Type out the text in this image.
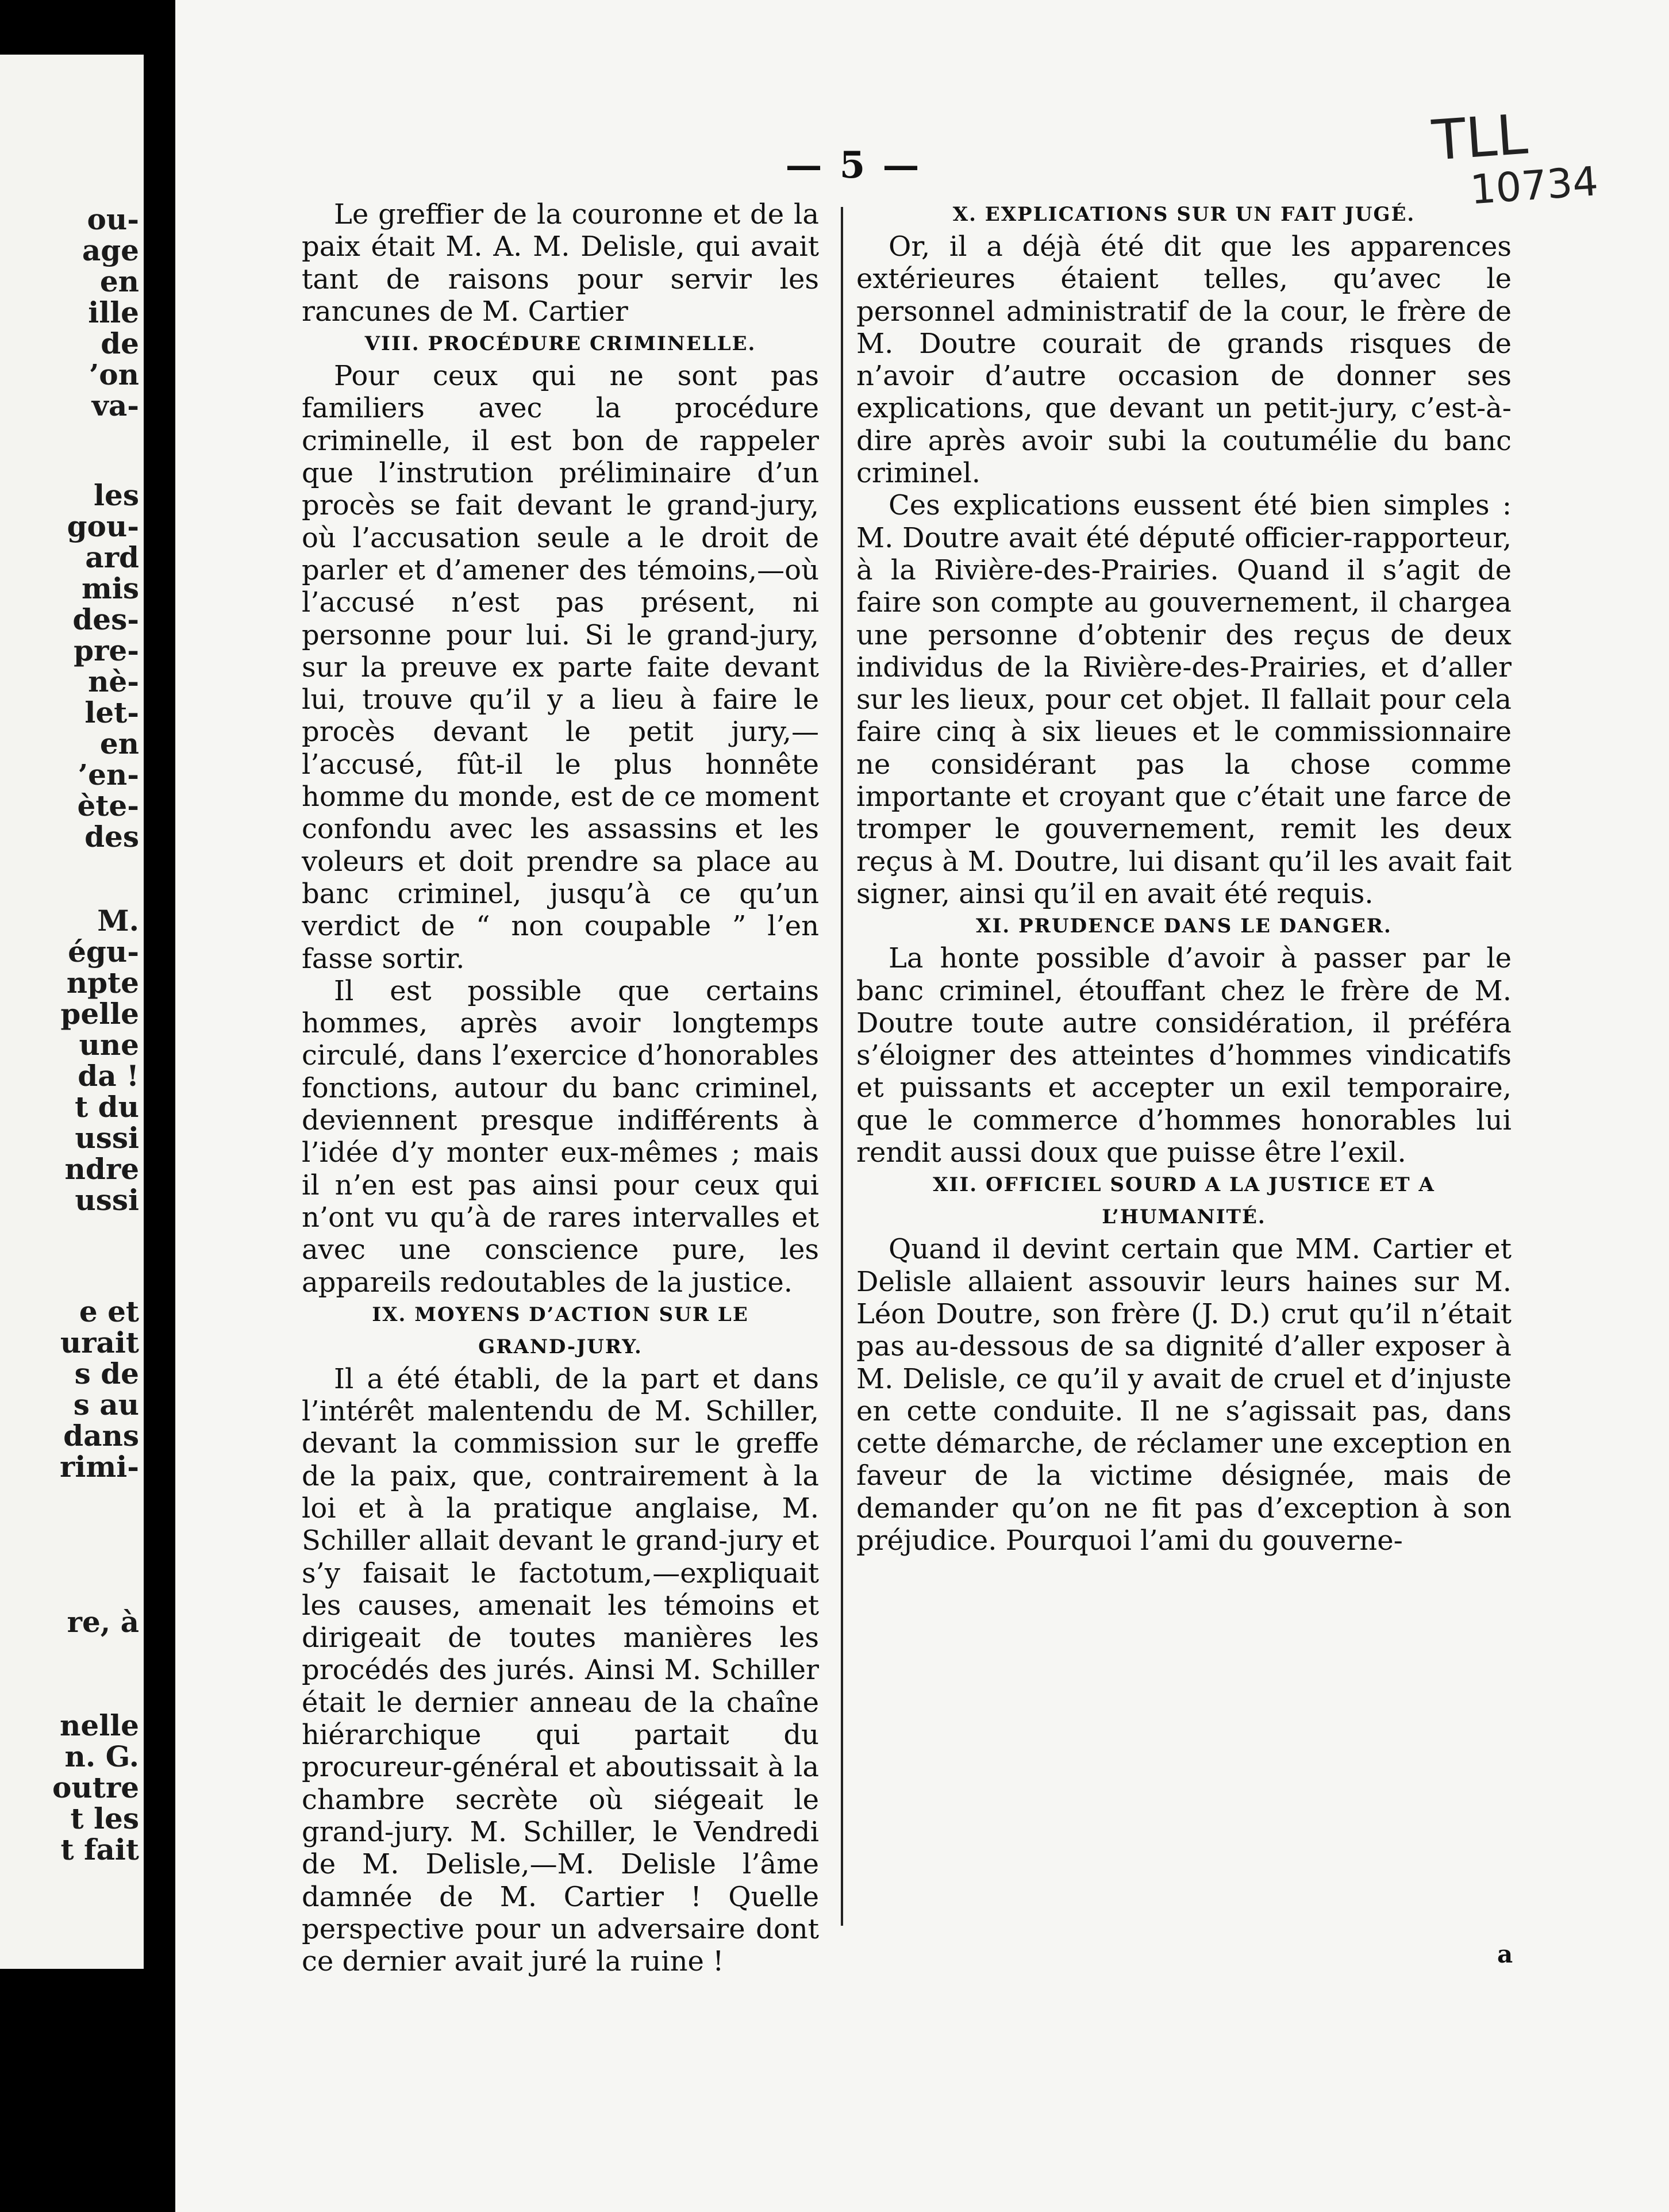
ou-
age
en
ille
de
’on
va-
les
gou-
ard
mis
des-
pre-
nè-
let-
en
’en-
ète-
des
M.
égu-
npte
pelle
une
da !
t du
ussi
ndre
ussi
e et
urait
s de
s au
dans
rimi-
re, à
nelle
n. G.
outre
t les
t fait
— 5 —	TLL
10734

Le greffier de la couronne et de la paix était M. A. M. Delisle, qui avait tant de raisons pour servir les rancunes de M. Cartier

VIII. PROCÉDURE CRIMINELLE.

Pour ceux qui ne sont pas familiers avec la procédure criminelle, il est bon de rappeler que l’instrution préliminaire d’un procès se fait devant le grand-jury, où l’accusation seule a le droit de parler et d’amener des témoins,—où l’accusé n’est pas présent, ni personne pour lui. Si le grand-jury, sur la preuve ex parte faite devant lui, trouve qu’il y a lieu à faire le procès devant le petit jury,—l’accusé, fût-il le plus honnête homme du monde, est de ce moment confondu avec les assassins et les voleurs et doit prendre sa place au banc criminel, jusqu’à ce qu’un verdict de “ non coupable ” l’en fasse sortir.

Il est possible que certains hommes, après avoir longtemps circulé, dans l’exercice d’honorables fonctions, autour du banc criminel, deviennent presque indifférents à l’idée d’y monter eux-mêmes ; mais il n’en est pas ainsi pour ceux qui n’ont vu qu’à de rares intervalles et avec une conscience pure, les appareils redoutables de la justice.

IX. MOYENS D’ACTION SUR LE GRAND-JURY.

Il a été établi, de la part et dans l’intérêt malentendu de M. Schiller, devant la commission sur le greffe de la paix, que, contrairement à la loi et à la pratique anglaise, M. Schiller allait devant le grand-jury et s’y faisait le factotum,—expliquait les causes, amenait les témoins et dirigeait de toutes manières les procédés des jurés. Ainsi M. Schiller était le dernier anneau de la chaîne hiérarchique qui partait du procureur-général et aboutissait à la chambre secrète où siégeait le grand-jury. M. Schiller, le Vendredi de M. Delisle,—M. Delisle l’âme damnée de M. Cartier ! Quelle perspective pour un adversaire dont ce dernier avait juré la ruine !

X. EXPLICATIONS SUR UN FAIT JUGÉ.

Or, il a déjà été dit que les apparences extérieures étaient telles, qu’avec le personnel administratif de la cour, le frère de M. Doutre courait de grands risques de n’avoir d’autre occasion de donner ses explications, que devant un petit-jury, c’est-à-dire après avoir subi la coutumélie du banc criminel.

Ces explications eussent été bien simples : M. Doutre avait été député officier-rapporteur, à la Rivière-des-Prairies. Quand il s’agit de faire son compte au gouvernement, il chargea une personne d’obtenir des reçus de deux individus de la Rivière-des-Prairies, et d’aller sur les lieux, pour cet objet. Il fallait pour cela faire cinq à six lieues et le commissionnaire ne considérant pas la chose comme importante et croyant que c’était une farce de tromper le gouvernement, remit les deux reçus à M. Doutre, lui disant qu’il les avait fait signer, ainsi qu’il en avait été requis.

XI. PRUDENCE DANS LE DANGER.

La honte possible d’avoir à passer par le banc criminel, étouffant chez le frère de M. Doutre toute autre considération, il préféra s’éloigner des atteintes d’hommes vindicatifs et puissants et accepter un exil temporaire, que le commerce d’hommes honorables lui rendit aussi doux que puisse être l’exil.

XII. OFFICIEL SOURD A LA JUSTICE ET A L’HUMANITÉ.

Quand il devint certain que MM. Cartier et Delisle allaient assouvir leurs haines sur M. Léon Doutre, son frère (J. D.) crut qu’il n’était pas au-dessous de sa dignité d’aller exposer à M. Delisle, ce qu’il y avait de cruel et d’injuste en cette conduite. Il ne s’agissait pas, dans cette démarche, de réclamer une exception en faveur de la victime désignée, mais de demander qu’on ne fit pas d’exception à son préjudice. Pourquoi l’ami du gouverne-

a
